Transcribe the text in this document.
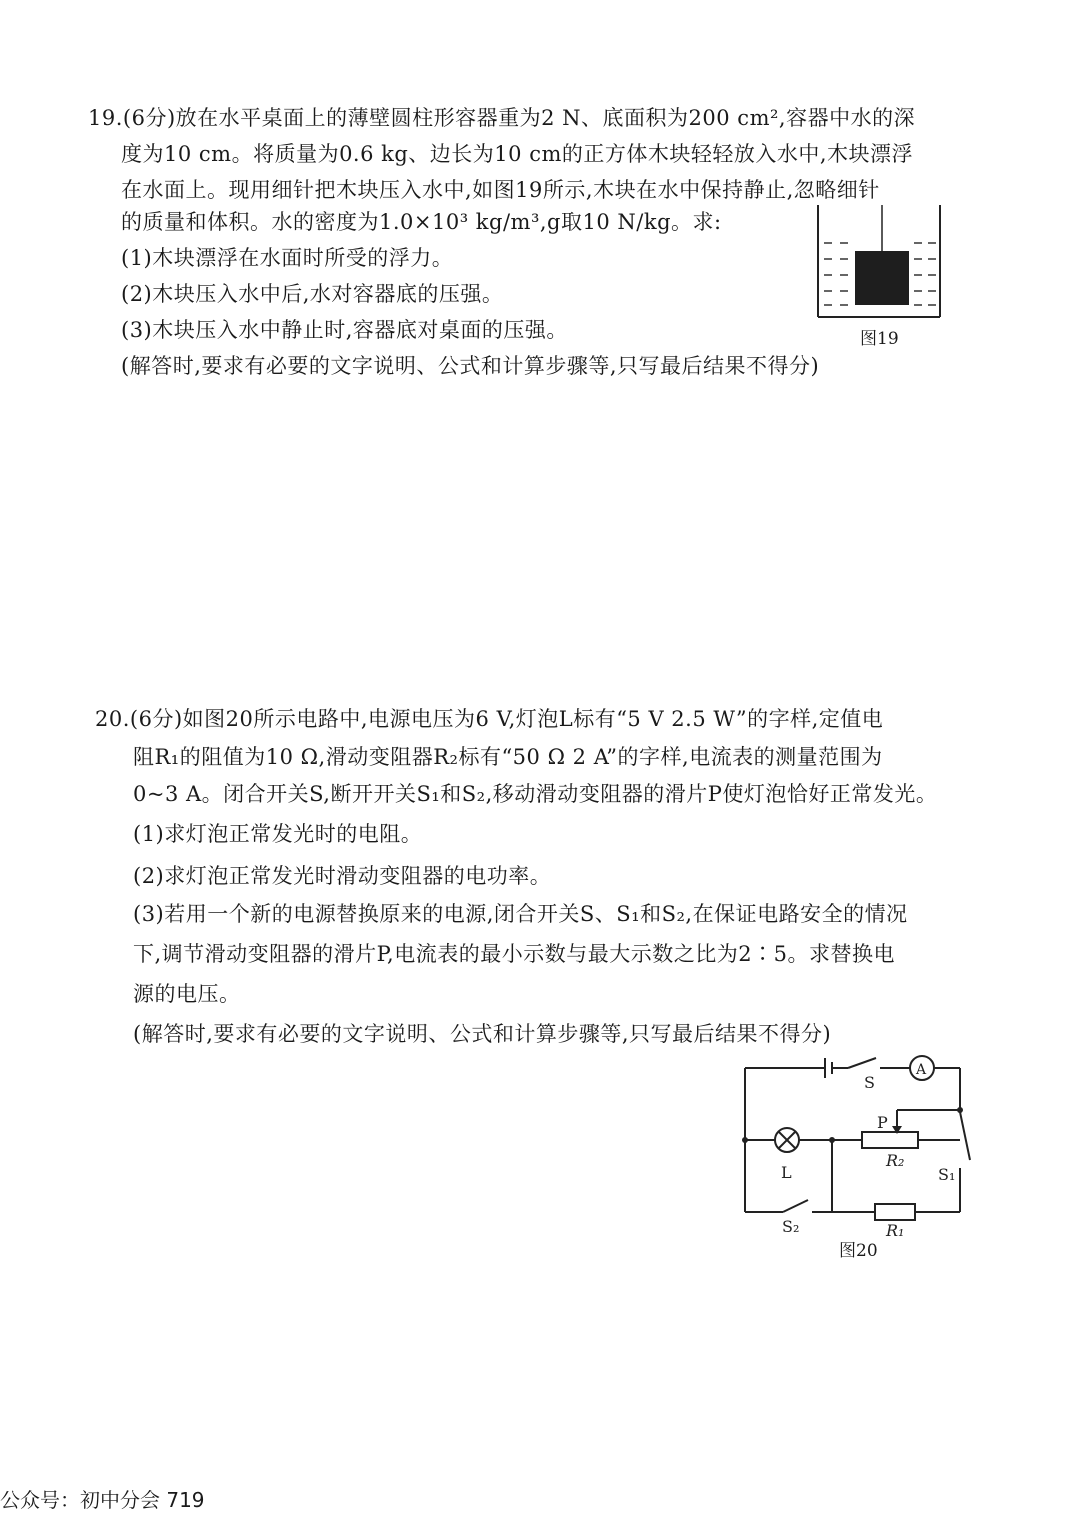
19.(6分)放在水平桌面上的薄壁圆柱形容器重为2 N、底面积为200 cm²,容器中水的深
度为10 cm。将质量为0.6 kg、边长为10 cm的正方体木块轻轻放入水中,木块漂浮
在水面上。现用细针把木块压入水中,如图19所示,木块在水中保持静止,忽略细针
的质量和体积。水的密度为1.0×10³ kg/m³,g取10 N/kg。求:
(1)木块漂浮在水面时所受的浮力。
(2)木块压入水中后,水对容器底的压强。
(3)木块压入水中静止时,容器底对桌面的压强。
(解答时,要求有必要的文字说明、公式和计算步骤等,只写最后结果不得分)
图19
20.(6分)如图20所示电路中,电源电压为6 V,灯泡L标有“5 V 2.5 W”的字样,定值电
阻R₁的阻值为10 Ω,滑动变阻器R₂标有“50 Ω 2 A”的字样,电流表的测量范围为
0~3 A。闭合开关S,断开开关S₁和S₂,移动滑动变阻器的滑片P使灯泡恰好正常发光。
(1)求灯泡正常发光时的电阻。
(2)求灯泡正常发光时滑动变阻器的电功率。
(3)若用一个新的电源替换原来的电源,闭合开关S、S₁和S₂,在保证电路安全的情况
下,调节滑动变阻器的滑片P,电流表的最小示数与最大示数之比为2∶5。求替换电
源的电压。
(解答时,要求有必要的文字说明、公式和计算步骤等,只写最后结果不得分)
S
A
P
R₂
L	S₁
S₂	R₁
图20
公众号：初中分会 719
